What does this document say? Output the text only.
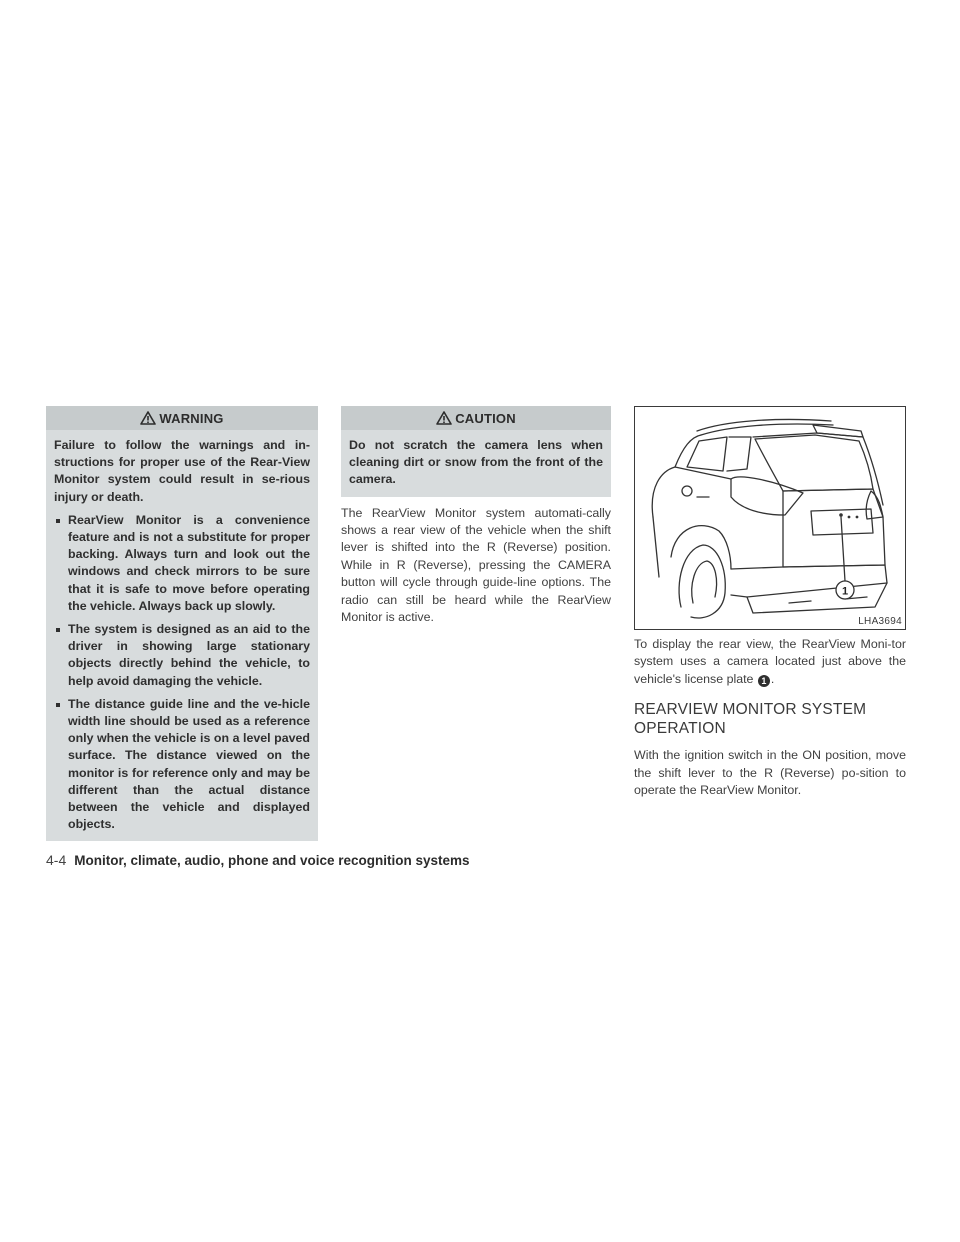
WARNING

Failure to follow the warnings and in-structions for proper use of the Rear-View Monitor system could result in se-rious injury or death.

RearView Monitor is a convenience feature and is not a substitute for proper backing. Always turn and look out the windows and check mirrors to be sure that it is safe to move before operating the vehicle. Always back up slowly.
The system is designed as an aid to the driver in showing large stationary objects directly behind the vehicle, to help avoid damaging the vehicle.
The distance guide line and the ve-hicle width line should be used as a reference only when the vehicle is on a level paved surface. The distance viewed on the monitor is for reference only and may be different than the actual distance between the vehicle and displayed objects.
CAUTION

Do not scratch the camera lens when cleaning dirt or snow from the front of the camera.

The RearView Monitor system automati-cally shows a rear view of the vehicle when the shift lever is shifted into the R (Reverse) position. While in R (Reverse), pressing the CAMERA button will cycle through guide-line options. The radio can still be heard while the RearView Monitor is active.

1
LHA3694

To display the rear view, the RearView Moni-tor system uses a camera located just above the vehicle's license plate 1 .

REARVIEW MONITOR SYSTEM OPERATION

With the ignition switch in the ON position, move the shift lever to the R (Reverse) po-sition to operate the RearView Monitor.

4-4 Monitor, climate, audio, phone and voice recognition systems
